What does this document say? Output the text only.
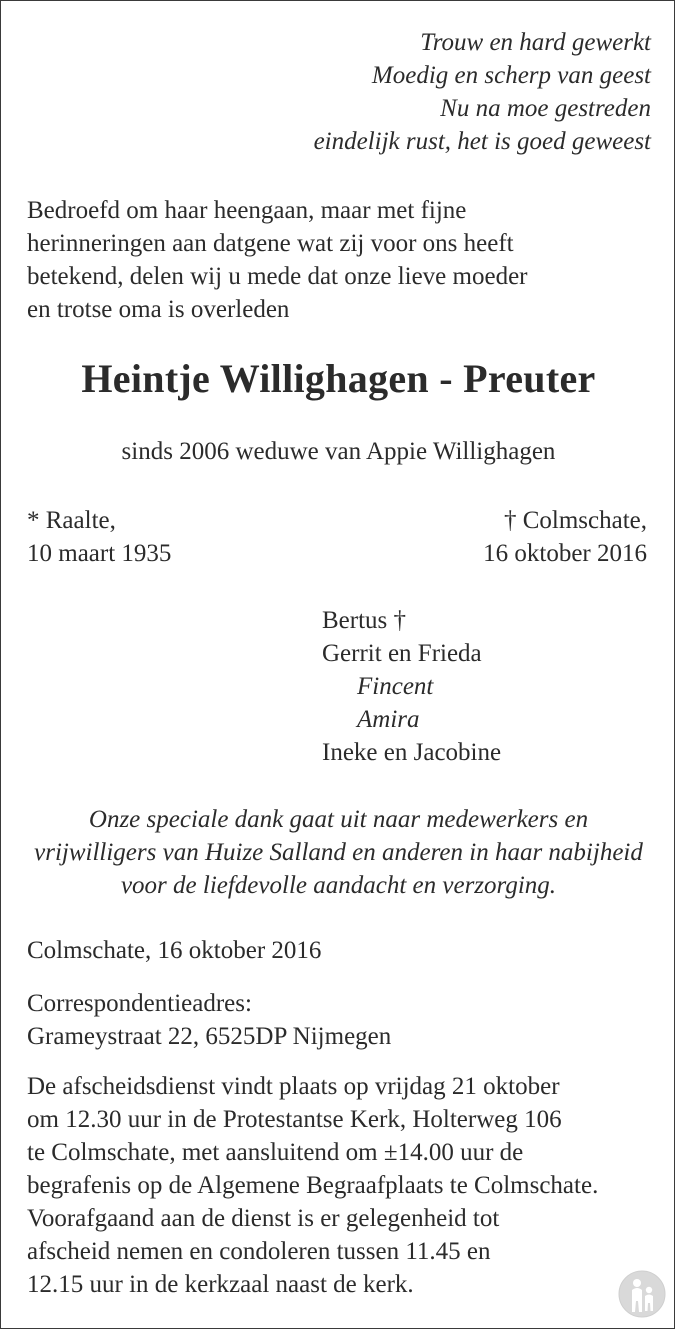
Trouw en hard gewerkt

Moedig en scherp van geest

Nu na moe gestreden

eindelijk rust, het is goed geweest

Bedroefd om haar heengaan, maar met fijne

herinneringen aan datgene wat zij voor ons heeft

betekend, delen wij u mede dat onze lieve moeder

en trotse oma is overleden

Heintje Willighagen - Preuter

sinds 2006 weduwe van Appie Willighagen

* Raalte,

10 maart 1935

† Colmschate,

16 oktober 2016

Bertus †

Gerrit en Frieda

Fincent

Amira

Ineke en Jacobine

Onze speciale dank gaat uit naar medewerkers en

vrijwilligers van Huize Salland en anderen in haar nabijheid

voor de liefdevolle aandacht en verzorging.

Colmschate, 16 oktober 2016

Correspondentieadres:

Grameystraat 22, 6525DP Nijmegen

De afscheidsdienst vindt plaats op vrijdag 21 oktober

om 12.30 uur in de Protestantse Kerk, Holterweg 106

te Colmschate, met aansluitend om ±14.00 uur de

begrafenis op de Algemene Begraafplaats te Colmschate.

Voorafgaand aan de dienst is er gelegenheid tot

afscheid nemen en condoleren tussen 11.45 en

12.15 uur in de kerkzaal naast de kerk.
